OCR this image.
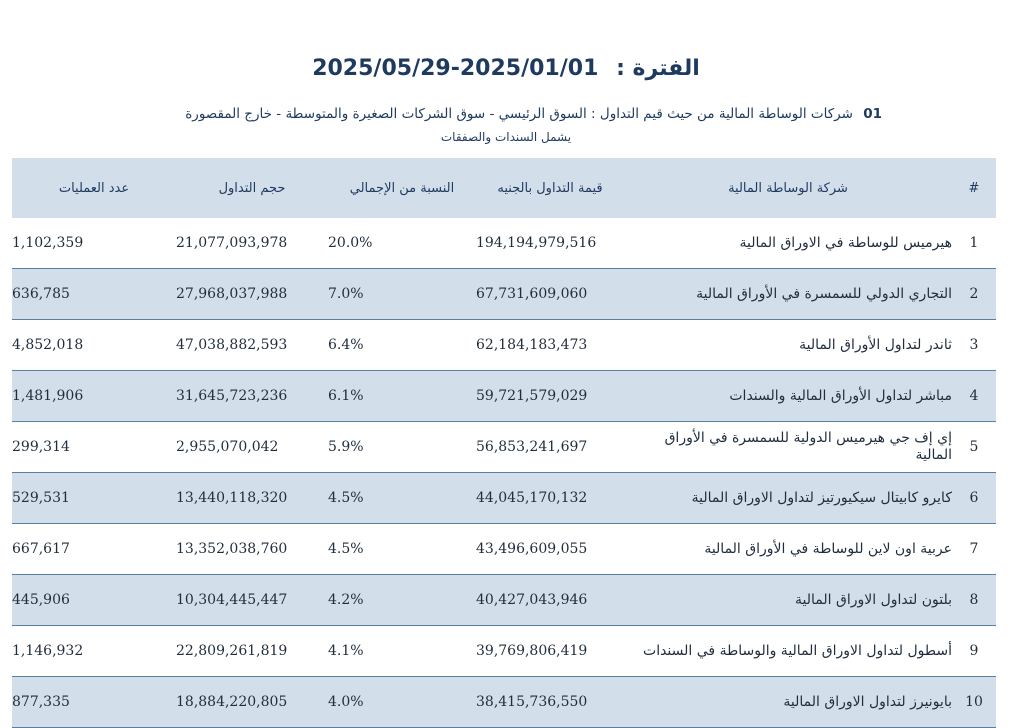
الفترة : 2025/05/29-2025/01/01
01 شركات الوساطة المالية من حيث قيم التداول : السوق الرئيسي - سوق الشركات الصغيرة والمتوسطة - خارج المقصورة
يشمل السندات والصفقات
#	شركة الوساطة المالية	قيمة التداول بالجنيه	النسبة من الإجمالي	حجم التداول	عدد العمليات
1	هيرميس للوساطة في الاوراق المالية	194,194,979,516	20.0%	21,077,093,978	1,102,359
2	التجاري الدولي للسمسرة في الأوراق المالية	67,731,609,060	7.0%	27,968,037,988	636,785
3	ثاندر لتداول الأوراق المالية	62,184,183,473	6.4%	47,038,882,593	4,852,018
4	مباشر لتداول الأوراق المالية والسندات	59,721,579,029	6.1%	31,645,723,236	1,481,906
5	إي إف جي هيرميس الدولية للسمسرة في الأوراق المالية	56,853,241,697	5.9%	2,955,070,042	299,314
6	كايرو كابيتال سيكيورتيز لتداول الاوراق المالية	44,045,170,132	4.5%	13,440,118,320	529,531
7	عربية اون لاين للوساطة في الأوراق المالية	43,496,609,055	4.5%	13,352,038,760	667,617
8	بلتون لتداول الاوراق المالية	40,427,043,946	4.2%	10,304,445,447	445,906
9	أسطول لتداول الاوراق المالية والوساطة في السندات	39,769,806,419	4.1%	22,809,261,819	1,146,932
10	بايونيرز لتداول الاوراق المالية	38,415,736,550	4.0%	18,884,220,805	877,335
